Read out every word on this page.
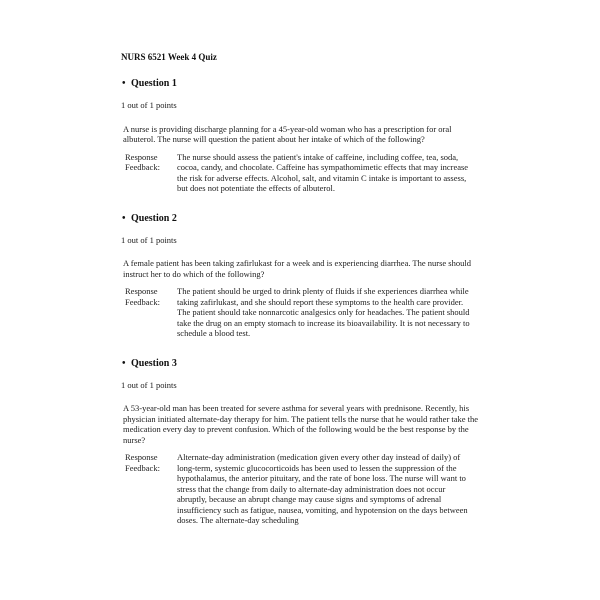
NURS 6521 Week 4 Quiz
• Question 1
1 out of 1 points
A nurse is providing discharge planning for a 45-year-old woman who has a prescription for oral albuterol. The nurse will question the patient about her intake of which of the following?
Response Feedback:
The nurse should assess the patient's intake of caffeine, including coffee, tea, soda, cocoa, candy, and chocolate. Caffeine has sympathomimetic effects that may increase the risk for adverse effects. Alcohol, salt, and vitamin C intake is important to assess, but does not potentiate the effects of albuterol.
• Question 2
1 out of 1 points
A female patient has been taking zafirlukast for a week and is experiencing diarrhea. The nurse should instruct her to do which of the following?
Response Feedback:
The patient should be urged to drink plenty of fluids if she experiences diarrhea while taking zafirlukast, and she should report these symptoms to the health care provider. The patient should take nonnarcotic analgesics only for headaches. The patient should take the drug on an empty stomach to increase its bioavailability. It is not necessary to schedule a blood test.
• Question 3
1 out of 1 points
A 53-year-old man has been treated for severe asthma for several years with prednisone. Recently, his physician initiated alternate-day therapy for him. The patient tells the nurse that he would rather take the medication every day to prevent confusion. Which of the following would be the best response by the nurse?
Response Feedback:
Alternate-day administration (medication given every other day instead of daily) of long-term, systemic glucocorticoids has been used to lessen the suppression of the hypothalamus, the anterior pituitary, and the rate of bone loss. The nurse will want to stress that the change from daily to alternate-day administration does not occur abruptly, because an abrupt change may cause signs and symptoms of adrenal insufficiency such as fatigue, nausea, vomiting, and hypotension on the days between doses. The alternate-day scheduling
